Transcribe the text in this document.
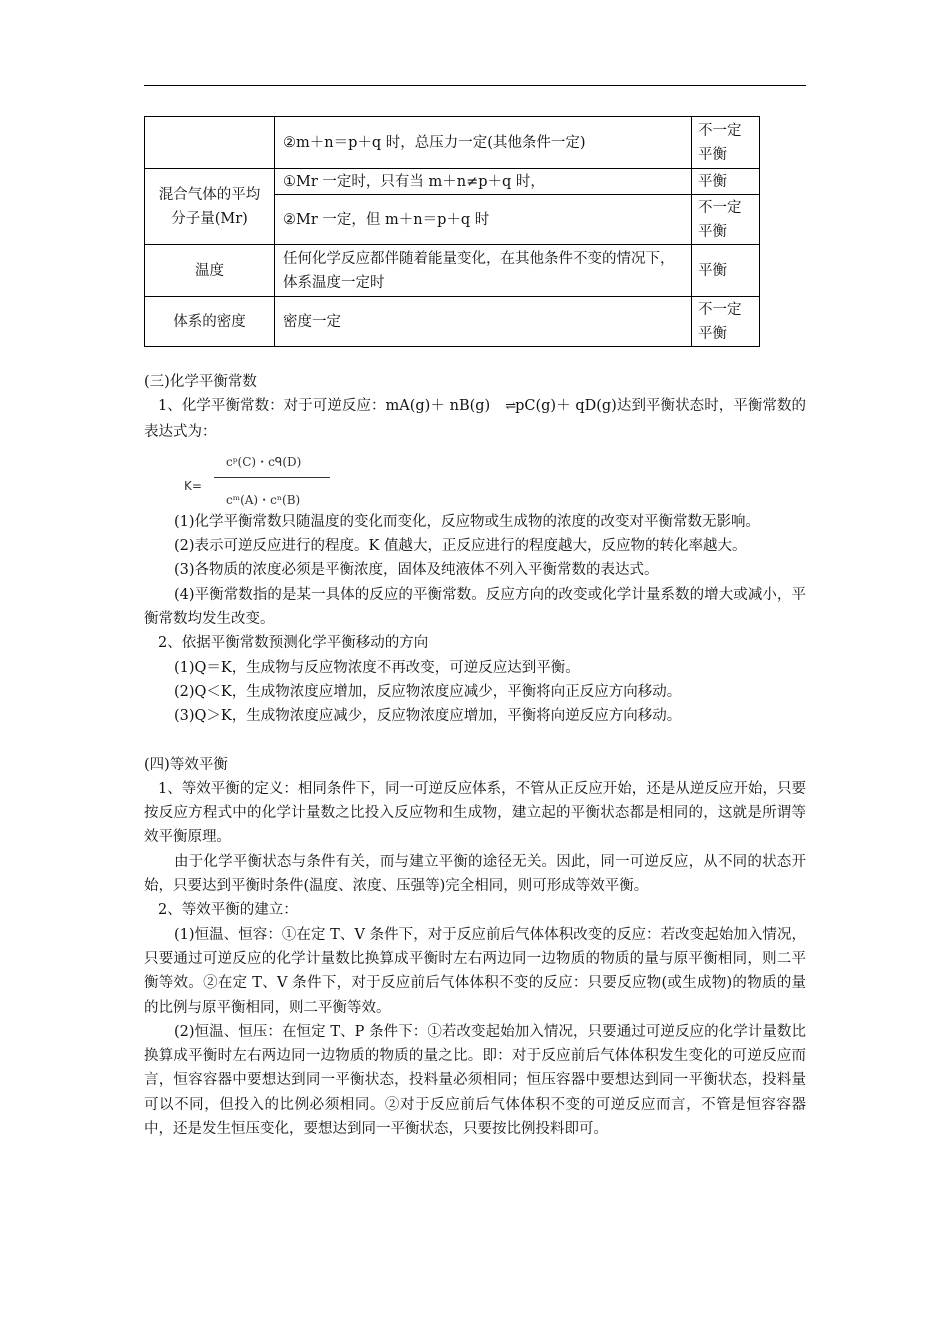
	②m＋n＝p＋q 时，总压力一定(其他条件一定)	不一定平衡
混合气体的平均分子量(Mr)	①Mr 一定时，只有当 m＋n≠p＋q 时，	平衡
	②Mr 一定，但 m＋n＝p＋q 时	不一定平衡
温度	任何化学反应都伴随着能量变化，在其他条件不变的情况下，体系温度一定时	平衡
体系的密度	密度一定	不一定平衡

(三)化学平衡常数

1、化学平衡常数：对于可逆反应：mA(g)＋ nB(g) ⇌pC(g)＋ qD(g)达到平衡状态时，平衡常数的表达式为：

K=
cᵖ(C)・cᑫ(D)
cᵐ(A)・cⁿ(B)

(1)化学平衡常数只随温度的变化而变化，反应物或生成物的浓度的改变对平衡常数无影响。

(2)表示可逆反应进行的程度。K 值越大，正反应进行的程度越大，反应物的转化率越大。

(3)各物质的浓度必须是平衡浓度，固体及纯液体不列入平衡常数的表达式。

(4)平衡常数指的是某一具体的反应的平衡常数。反应方向的改变或化学计量系数的增大或减小，平衡常数均发生改变。

2、依据平衡常数预测化学平衡移动的方向

(1)Q＝K，生成物与反应物浓度不再改变，可逆反应达到平衡。

(2)Q＜K，生成物浓度应增加，反应物浓度应减少，平衡将向正反应方向移动。

(3)Q＞K，生成物浓度应减少，反应物浓度应增加，平衡将向逆反应方向移动。

(四)等效平衡

1、等效平衡的定义：相同条件下，同一可逆反应体系，不管从正反应开始，还是从逆反应开始，只要按反应方程式中的化学计量数之比投入反应物和生成物，建立起的平衡状态都是相同的，这就是所谓等效平衡原理。

由于化学平衡状态与条件有关，而与建立平衡的途径无关。因此，同一可逆反应，从不同的状态开始，只要达到平衡时条件(温度、浓度、压强等)完全相同，则可形成等效平衡。

2、等效平衡的建立：

(1)恒温、恒容：①在定 T、V 条件下，对于反应前后气体体积改变的反应：若改变起始加入情况，只要通过可逆反应的化学计量数比换算成平衡时左右两边同一边物质的物质的量与原平衡相同，则二平衡等效。②在定 T、V 条件下，对于反应前后气体体积不变的反应：只要反应物(或生成物)的物质的量的比例与原平衡相同，则二平衡等效。

(2)恒温、恒压：在恒定 T、P 条件下：①若改变起始加入情况，只要通过可逆反应的化学计量数比换算成平衡时左右两边同一边物质的物质的量之比。即：对于反应前后气体体积发生变化的可逆反应而言，恒容容器中要想达到同一平衡状态，投料量必须相同；恒压容器中要想达到同一平衡状态，投料量可以不同，但投入的比例必须相同。②对于反应前后气体体积不变的可逆反应而言，不管是恒容容器中，还是发生恒压变化，要想达到同一平衡状态，只要按比例投料即可。
